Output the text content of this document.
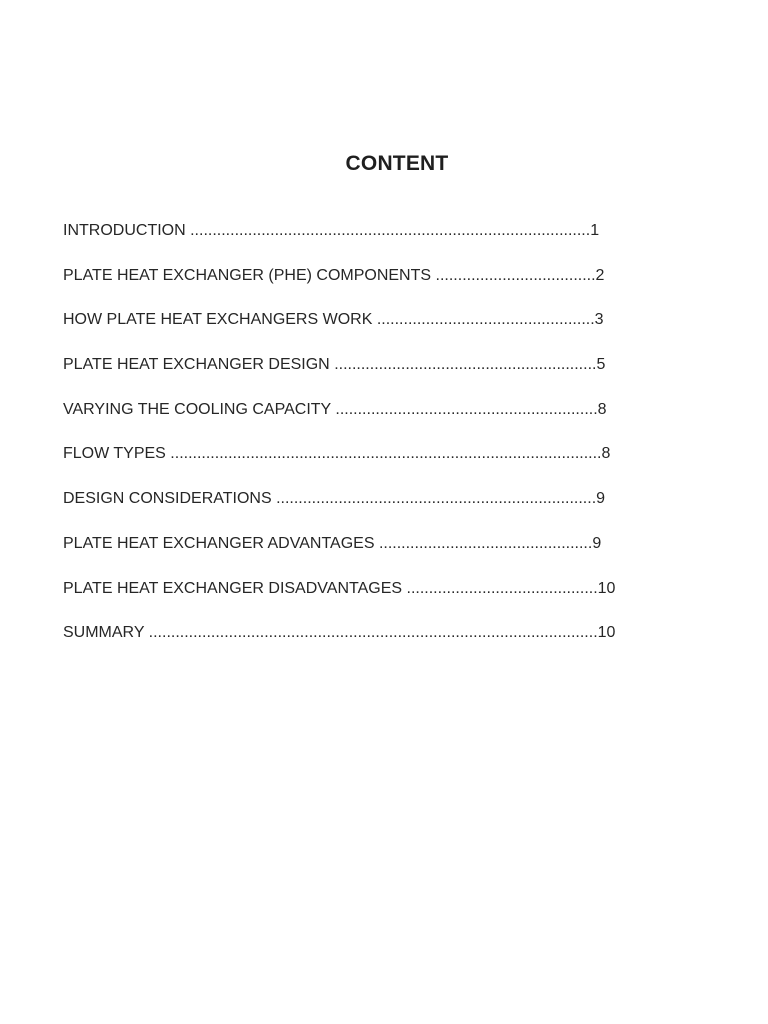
CONTENT
INTRODUCTION ..........................................................................................1
PLATE HEAT EXCHANGER (PHE) COMPONENTS ....................................2
HOW PLATE HEAT EXCHANGERS WORK .................................................3
PLATE HEAT EXCHANGER DESIGN ...........................................................5
VARYING THE COOLING CAPACITY ...........................................................8
FLOW TYPES .................................................................................................8
DESIGN CONSIDERATIONS ........................................................................9
PLATE HEAT EXCHANGER ADVANTAGES ................................................9
PLATE HEAT EXCHANGER DISADVANTAGES ...........................................10
SUMMARY .....................................................................................................10
